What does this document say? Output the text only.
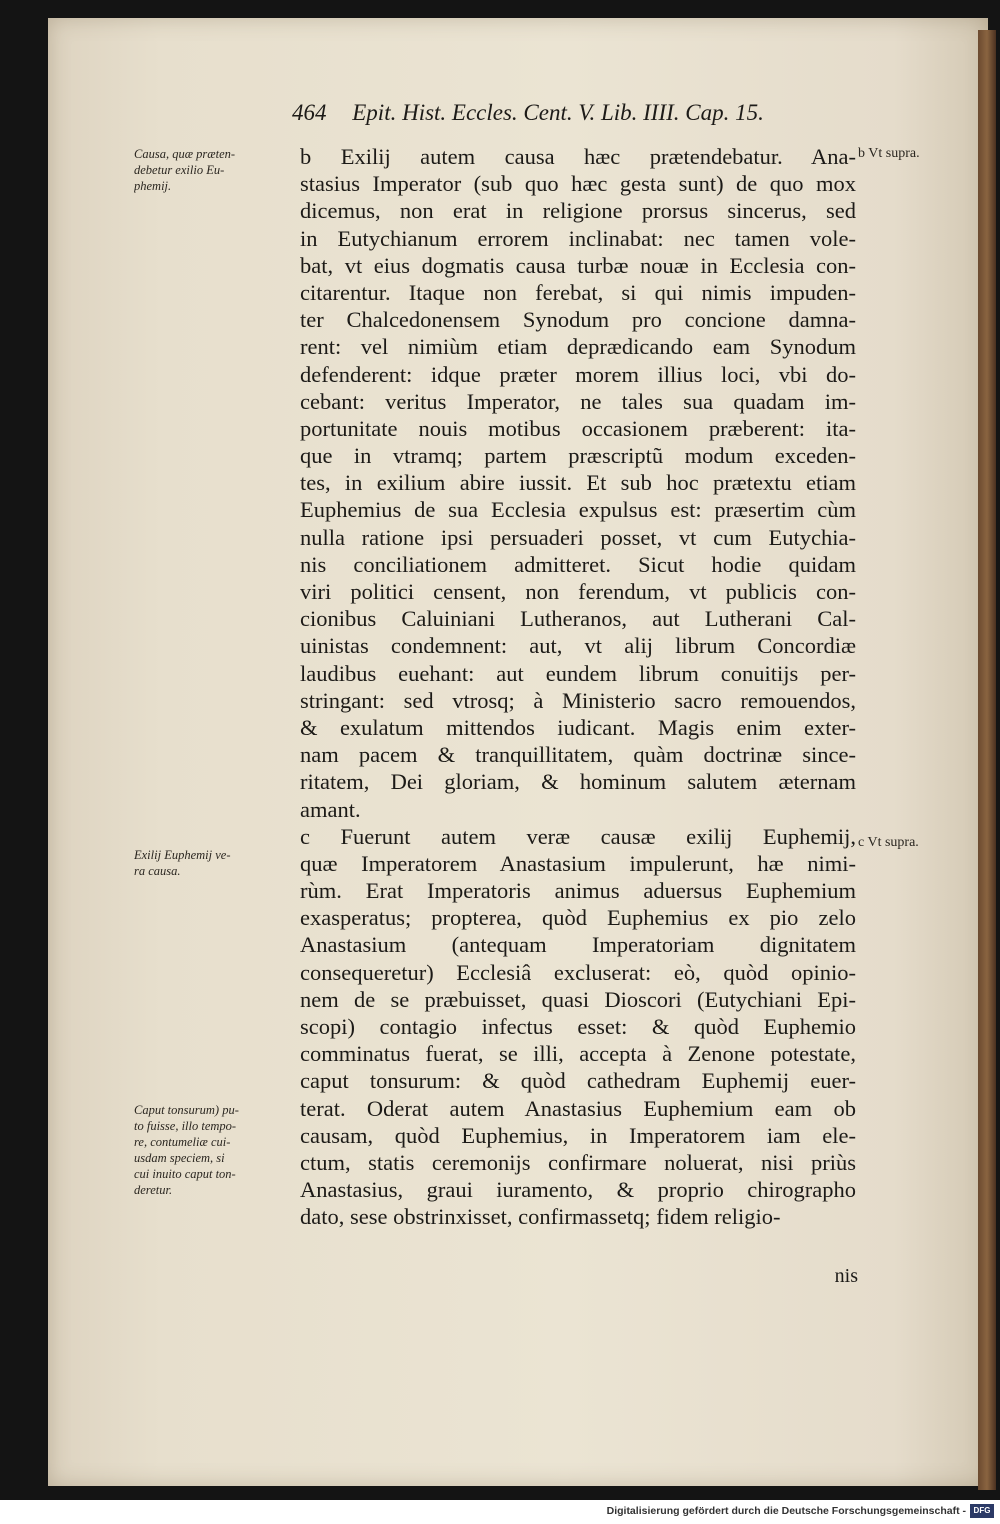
464 Epit. Hist. Eccles. Cent. V. Lib. IIII. Cap. 15.
Causa, quæ præten-
debetur exilio Eu-
phemij.
Exilij Euphemij ve-
ra causa.
Caput tonsurum) pu-
to fuisse, illo tempo-
re, contumeliæ cui-
usdam speciem, si
cui inuito caput ton-
deretur.
b Vt supra.
c Vt supra.
b Exilij autem causa hæc prætendebatur. Ana-
stasius Imperator (sub quo hæc gesta sunt) de quo mox
dicemus, non erat in religione prorsus sincerus, sed
in Eutychianum errorem inclinabat: nec tamen vole-
bat, vt eius dogmatis causa turbæ nouæ in Ecclesia con-
citarentur. Itaque non ferebat, si qui nimis impuden-
ter Chalcedonensem Synodum pro concione damna-
rent: vel nimiùm etiam deprædicando eam Synodum
defenderent: idque præter morem illius loci, vbi do-
cebant: veritus Imperator, ne tales sua quadam im-
portunitate nouis motibus occasionem præberent: ita-
que in vtramq; partem præscriptũ modum exceden-
tes, in exilium abire iussit. Et sub hoc prætextu etiam
Euphemius de sua Ecclesia expulsus est: præsertim cùm
nulla ratione ipsi persuaderi posset, vt cum Eutychia-
nis conciliationem admitteret. Sicut hodie quidam
viri politici censent, non ferendum, vt publicis con-
cionibus Caluiniani Lutheranos, aut Lutherani Cal-
uinistas condemnent: aut, vt alij librum Concordiæ
laudibus euehant: aut eundem librum conuitijs per-
stringant: sed vtrosq; à Ministerio sacro remouendos,
& exulatum mittendos iudicant. Magis enim exter-
nam pacem & tranquillitatem, quàm doctrinæ since-
ritatem, Dei gloriam, & hominum salutem æternam
amant.
c Fuerunt autem veræ causæ exilij Euphemij,
quæ Imperatorem Anastasium impulerunt, hæ nimi-
rùm. Erat Imperatoris animus aduersus Euphemium
exasperatus; propterea, quòd Euphemius ex pio zelo
Anastasium (antequam Imperatoriam dignitatem
consequeretur) Ecclesiâ excluserat: eò, quòd opinio-
nem de se præbuisset, quasi Dioscori (Eutychiani Epi-
scopi) contagio infectus esset: & quòd Euphemio
comminatus fuerat, se illi, accepta à Zenone potestate,
caput tonsurum: & quòd cathedram Euphemij euer-
terat. Oderat autem Anastasius Euphemium eam ob
causam, quòd Euphemius, in Imperatorem iam ele-
ctum, statis ceremonijs confirmare noluerat, nisi priùs
Anastasius, graui iuramento, & proprio chirographo
dato, sese obstrinxisset, confirmassetq; fidem religio-
nis
Digitalisierung gefördert durch die Deutsche Forschungsgemeinschaft - DFG
